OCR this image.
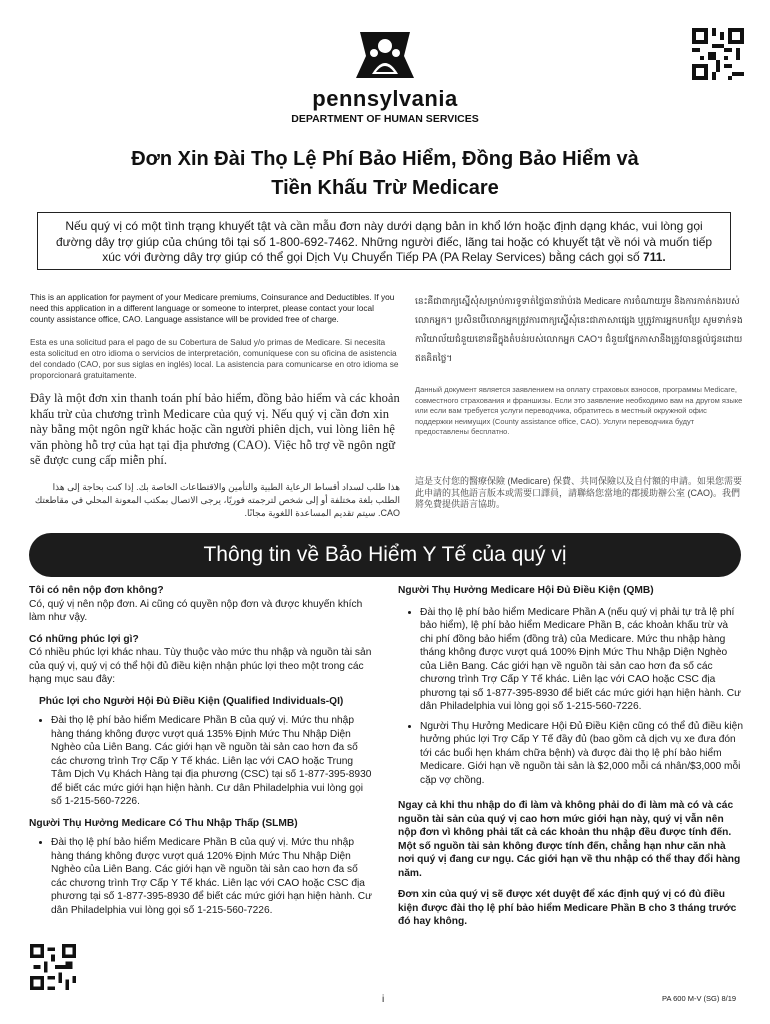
pennsylvania
DEPARTMENT OF HUMAN SERVICES
Đơn Xin Đài Thọ Lệ Phí Bảo Hiểm, Đồng Bảo Hiểm và
Tiền Khấu Trừ Medicare
Nếu quý vị có một tình trạng khuyết tật và cần mẫu đơn này dưới dạng bản in khổ lớn hoặc định dạng khác, vui lòng gọi đường dây trợ giúp của chúng tôi tại số 1-800-692-7462. Những người điếc, lãng tai hoặc có khuyết tật về nói và muốn tiếp xúc với đường dây trợ giúp có thể gọi Dịch Vụ Chuyển Tiếp PA (PA Relay Services) bằng cách gọi số 711.
This is an application for payment of your Medicare premiums, Coinsurance and Deductibles. If you need this application in a different language or someone to interpret, please contact your local county assistance office, CAO. Language assistance will be provided free of charge.
Esta es una solicitud para el pago de su Cobertura de Salud y/o primas de Medicare. Si necesita esta solicitud en otro idioma o servicios de interpretación, comuníquese con su oficina de asistencia del condado (CAO, por sus siglas en inglés) local. La asistencia para comunicarse en otro idioma se proporcionará gratuitamente.
Đây là một đơn xin thanh toán phí bảo hiểm, đồng bảo hiểm và các khoản khấu trừ của chương trình Medicare của quý vị. Nếu quý vị cần đơn xin này bằng một ngôn ngữ khác hoặc cần người phiên dịch, vui lòng liên hệ văn phòng hỗ trợ của hạt tại địa phương (CAO). Việc hỗ trợ về ngôn ngữ sẽ được cung cấp miễn phí.
هذا طلب لسداد أقساط الرعاية الطبية والتأمين والاقتطاعات الخاصة بك. إذا كنت بحاجة إلى هذا الطلب بلغة مختلفة أو إلى شخص لترجمته فوريًا، يرجى الاتصال بمكتب المعونة المحلي في مقاطعتك CAO. سيتم تقديم المساعدة اللغوية مجانًا.
នេះគឺជាពាក្យស្នើសុំសម្រាប់ការទូទាត់ថ្លៃធានារ៉ាប់រង Medicare ការចំណាយរួម និងការកាត់កងរបស់លោកអ្នក។ ប្រសិនបើលោកអ្នកត្រូវការពាក្យស្នើសុំនេះជាភាសាផ្សេង ឬត្រូវការអ្នកបកប្រែ សូមទាក់ទងការិយាល័យជំនួយខោនធីក្នុងតំបន់របស់លោកអ្នក CAO។ ជំនួយផ្នែកភាសានឹងត្រូវបានផ្តល់ជូនដោយឥតគិតថ្លៃ។
Данный документ является заявлением на оплату страховых взносов, программы Medicare, совместного страхования и франшизы. Если это заявление необходимо вам на другом языке или если вам требуется услуги переводчика, обратитесь в местный окружной офис поддержки неимущих (County assistance office, CAO). Услуги переводчика будут предоставлены бесплатно.
這是支付您的醫療保險 (Medicare) 保費、共同保險以及自付額的申請。如果您需要此申請的其他語言版本或需要口譯員，請聯絡您當地的郡援助辦公室 (CAO)。我們將免費提供語言協助。
Thông tin về Bảo Hiểm Y Tế của quý vị

Tôi có nên nộp đơn không?

Có, quý vị nên nộp đơn. Ai cũng có quyền nộp đơn và được khuyến khích làm như vậy.

Có những phúc lợi gì?

Có nhiều phúc lợi khác nhau. Tùy thuộc vào mức thu nhập và nguồn tài sản của quý vị, quý vị có thể hội đủ điều kiện nhận phúc lợi theo một trong các hạng mục sau đây:

Phúc lợi cho Người Hội Đủ Điều Kiện (Qualified Individuals-QI)

• Đài thọ lệ phí bảo hiểm Medicare Phần B của quý vị. Mức thu nhập hàng tháng không được vượt quá 135% Định Mức Thu Nhập Diện Nghèo của Liên Bang. Các giới hạn về nguồn tài sản cao hơn đa số các chương trình Trợ Cấp Y Tế khác. Liên lạc với CAO hoặc Trung Tâm Dịch Vụ Khách Hàng tại địa phương (CSC) tại số 1-877-395-8930 để biết các mức giới hạn hiện hành. Cư dân Philadelphia vui lòng gọi số 1-215-560-7226.

Người Thụ Hưởng Medicare Có Thu Nhập Thấp (SLMB)

• Đài thọ lệ phí bảo hiểm Medicare Phần B của quý vị. Mức thu nhập hàng tháng không được vượt quá 120% Định Mức Thu Nhập Diện Nghèo của Liên Bang. Các giới hạn về nguồn tài sản cao hơn đa số các chương trình Trợ Cấp Y Tế khác. Liên lạc với CAO hoặc CSC địa phương tại số 1-877-395-8930 để biết các mức giới hạn hiện hành. Cư dân Philadelphia vui lòng gọi số 1-215-560-7226.

Người Thụ Hưởng Medicare Hội Đủ Điều Kiện (QMB)

• Đài thọ lệ phí bảo hiểm Medicare Phần A (nếu quý vị phải tự trả lệ phí bảo hiểm), lệ phí bảo hiểm Medicare Phần B, các khoản khấu trừ và chi phí đồng bảo hiểm (đồng trả) của Medicare. Mức thu nhập hàng tháng không được vượt quá 100% Định Mức Thu Nhập Diện Nghèo của Liên Bang. Các giới hạn về nguồn tài sản cao hơn đa số các chương trình Trợ Cấp Y Tế khác. Liên lạc với CAO hoặc CSC địa phương tại số 1-877-395-8930 để biết các mức giới hạn hiện hành. Cư dân Philadelphia vui lòng gọi số 1-215-560-7226.
• Người Thụ Hưởng Medicare Hội Đủ Điều Kiện cũng có thể đủ điều kiện hưởng phúc lợi Trợ Cấp Y Tế đầy đủ (bao gồm cả dịch vụ xe đưa đón tới các buổi hẹn khám chữa bệnh) và được đài thọ lệ phí bảo hiểm Medicare. Giới hạn về nguồn tài sản là $2,000 mỗi cá nhân/$3,000 mỗi cặp vợ chồng.

Ngay cả khi thu nhập do đi làm và không phải do đi làm mà có và các nguồn tài sản của quý vị cao hơn mức giới hạn này, quý vị vẫn nên nộp đơn vì không phải tất cả các khoản thu nhập đều được tính đến. Một số nguồn tài sản không được tính đến, chẳng hạn như căn nhà nơi quý vị đang cư ngụ. Các giới hạn về thu nhập có thể thay đổi hàng năm.

Đơn xin của quý vị sẽ được xét duyệt để xác định quý vị có đủ điều kiện được đài thọ lệ phí bảo hiểm Medicare Phần B cho 3 tháng trước đó hay không.

i	PA 600 M-V (SG) 8/19
